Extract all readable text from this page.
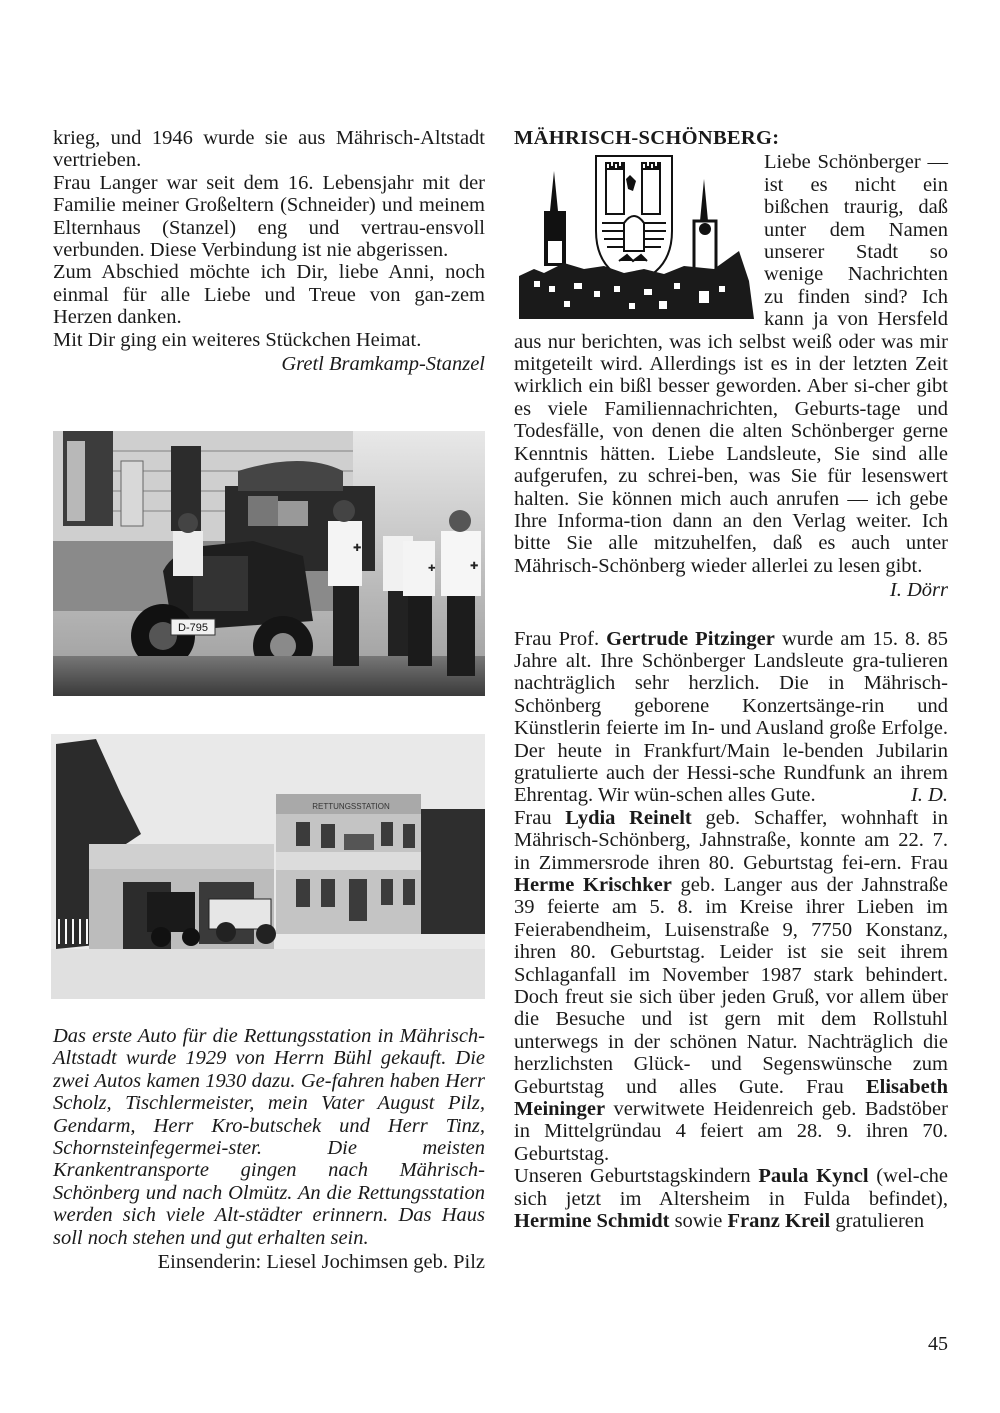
krieg, und 1946 wurde sie aus Mährisch-Altstadt vertrieben.

Frau Langer war seit dem 16. Lebensjahr mit der Familie meiner Großeltern (Schneider) und meinem Elternhaus (Stanzel) eng und vertrau-ensvoll verbunden. Diese Verbindung ist nie abgerissen.

Zum Abschied möchte ich Dir, liebe Anni, noch einmal für alle Liebe und Treue von gan-zem Herzen danken.

Mit Dir ging ein weiteres Stückchen Heimat.

Gretl Bramkamp-Stanzel

D-795
✚
✚
✚
RETTUNGSSTATION

Das erste Auto für die Rettungsstation in Mährisch-Altstadt wurde 1929 von Herrn Bühl gekauft. Die zwei Autos kamen 1930 dazu. Ge-fahren haben Herr Scholz, Tischlermeister, mein Vater August Pilz, Gendarm, Herr Kro-butschek und Herr Tinz, Schornsteinfegermei-ster. Die meisten Krankentransporte gingen nach Mährisch-Schönberg und nach Olmütz. An die Rettungsstation werden sich viele Alt-städter erinnern. Das Haus soll noch stehen und gut erhalten sein.

Einsenderin: Liesel Jochimsen geb. Pilz

MÄHRISCH-SCHÖNBERG:

Liebe Schönberger — ist es nicht ein bißchen traurig, daß unter dem Namen unserer Stadt so wenige Nachrichten zu finden sind? Ich kann ja von Hersfeld aus nur berichten, was ich selbst weiß oder was mir mitgeteilt wird. Allerdings ist es in der letzten Zeit wirklich ein bißl besser geworden. Aber si-cher gibt es viele Familiennachrichten, Geburts-tage und Todesfälle, von denen die alten Schönberger gerne Kenntnis hätten. Liebe Landsleute, Sie sind alle aufgerufen, zu schrei-ben, was Sie für lesenswert halten. Sie können mich auch anrufen — ich gebe Ihre Informa-tion dann an den Verlag weiter. Ich bitte Sie alle mitzuhelfen, daß es auch unter Mährisch-Schönberg wieder allerlei zu lesen gibt.

I. Dörr

Frau Prof. Gertrude Pitzinger wurde am 15. 8. 85 Jahre alt. Ihre Schönberger Landsleute gra-tulieren nachträglich sehr herzlich. Die in Mährisch-Schönberg geborene Konzertsänge-rin und Künstlerin feierte im In- und Ausland große Erfolge. Der heute in Frankfurt/Main le-benden Jubilarin gratulierte auch der Hessi-sche Rundfunk an ihrem Ehrentag. Wir wün-schen alles Gute.	I. D.

Frau Lydia Reinelt geb. Schaffer, wohnhaft in Mährisch-Schönberg, Jahnstraße, konnte am 22. 7. in Zimmersrode ihren 80. Geburtstag fei-ern. Frau Herme Krischker geb. Langer aus der Jahnstraße 39 feierte am 5. 8. im Kreise ihrer Lieben im Feierabendheim, Luisenstraße 9, 7750 Konstanz, ihren 80. Geburtstag. Leider ist sie seit ihrem Schlaganfall im November 1987 stark behindert. Doch freut sie sich über jeden Gruß, vor allem über die Besuche und ist gern mit dem Rollstuhl unterwegs in der schönen Natur. Nachträglich die herzlichsten Glück- und Segenswünsche zum Geburtstag und alles Gute. Frau Elisabeth Meininger verwitwete Heidenreich geb. Badstöber in Mittelgründau 4 feiert am 28. 9. ihren 70. Geburtstag.

Unseren Geburtstagskindern Paula Kyncl (wel-che sich jetzt im Altersheim in Fulda befindet), Hermine Schmidt sowie Franz Kreil gratulieren

45
